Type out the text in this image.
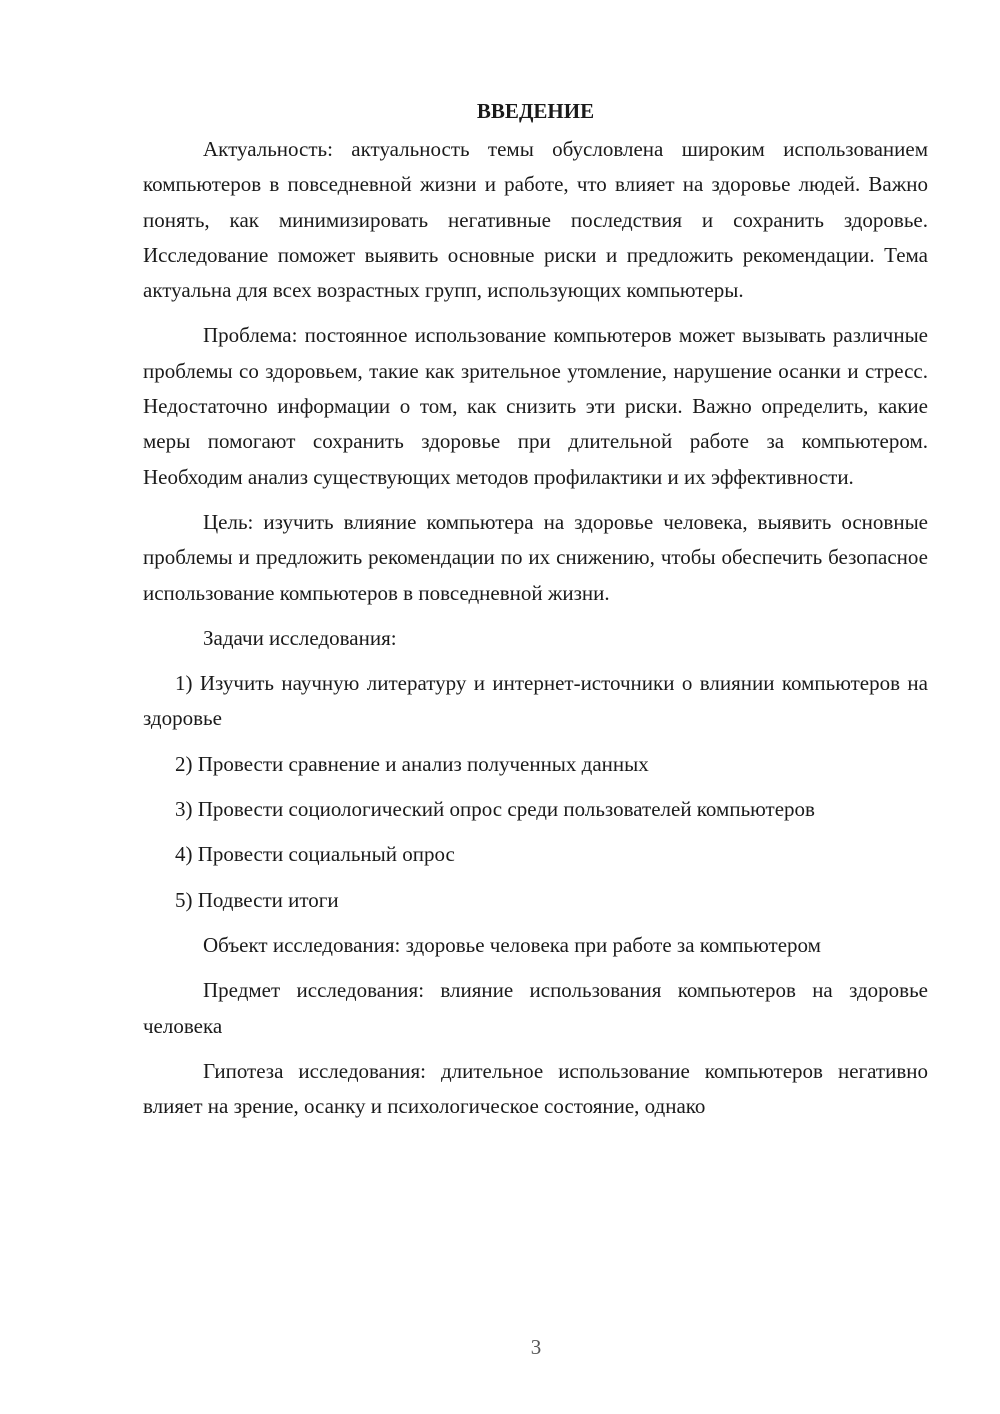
ВВЕДЕНИЕ

Актуальность: актуальность темы обусловлена широким использованием компьютеров в повседневной жизни и работе, что влияет на здоровье людей. Важно понять, как минимизировать негативные последствия и сохранить здоровье. Исследование поможет выявить основные риски и предложить рекомендации. Тема актуальна для всех возрастных групп, использующих компьютеры.

Проблема: постоянное использование компьютеров может вызывать различные проблемы со здоровьем, такие как зрительное утомление, нарушение осанки и стресс. Недостаточно информации о том, как снизить эти риски. Важно определить, какие меры помогают сохранить здоровье при длительной работе за компьютером. Необходим анализ существующих методов профилактики и их эффективности.

Цель: изучить влияние компьютера на здоровье человека, выявить основные проблемы и предложить рекомендации по их снижению, чтобы обеспечить безопасное использование компьютеров в повседневной жизни.

Задачи исследования:

1) Изучить научную литературу и интернет-источники о влиянии компьютеров на здоровье

2) Провести сравнение и анализ полученных данных

3) Провести социологический опрос среди пользователей компьютеров

4) Провести социальный опрос

5) Подвести итоги

Объект исследования: здоровье человека при работе за компьютером

Предмет исследования: влияние использования компьютеров на здоровье человека

Гипотеза исследования: длительное использование компьютеров негативно влияет на зрение, осанку и психологическое состояние, однако

3
